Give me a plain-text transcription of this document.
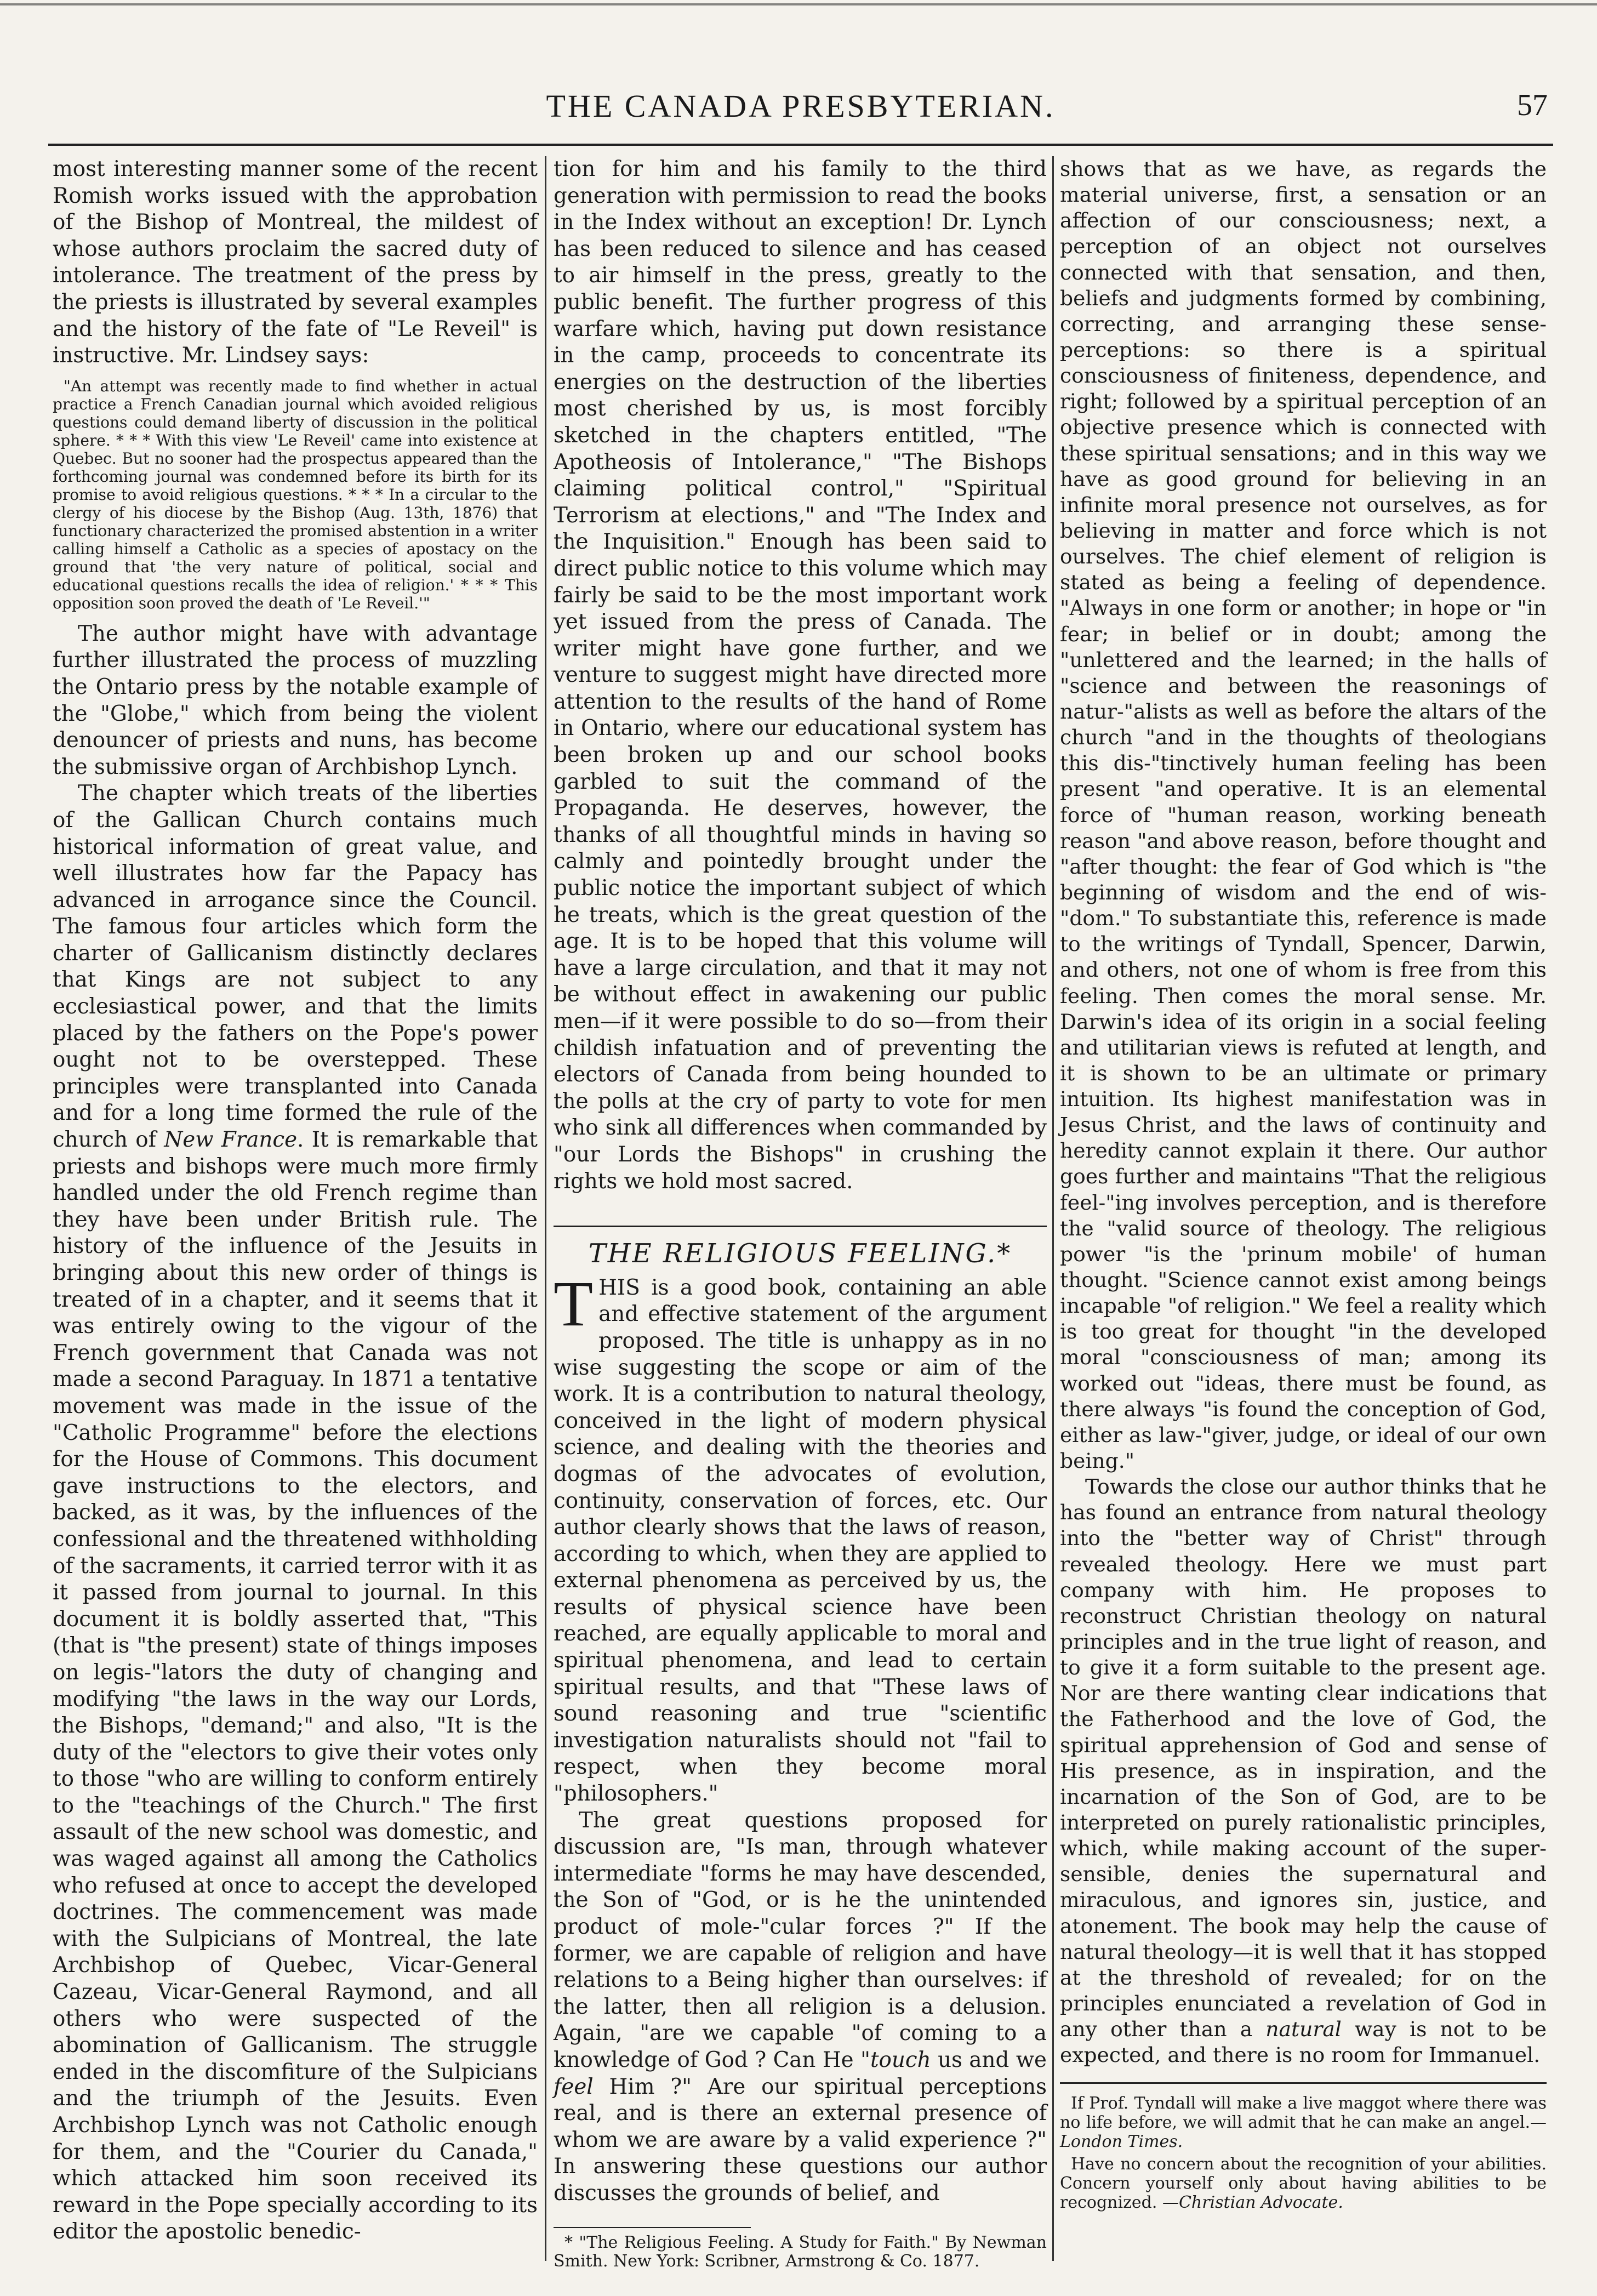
THE CANADA PRESBYTERIAN.	57

most interesting manner some of the recent Romish works issued with the approbation of the Bishop of Montreal, the mildest of whose authors proclaim the sacred duty of intolerance. The treatment of the press by the priests is illustrated by several examples and the history of the fate of "Le Reveil" is instructive. Mr. Lindsey says:

"An attempt was recently made to find whether in actual practice a French Canadian journal which avoided religious questions could demand liberty of discussion in the political sphere. * * * With this view 'Le Reveil' came into existence at Quebec. But no sooner had the prospectus appeared than the forthcoming journal was condemned before its birth for its promise to avoid religious questions. * * * In a circular to the clergy of his diocese by the Bishop (Aug. 13th, 1876) that functionary characterized the promised abstention in a writer calling himself a Catholic as a species of apostacy on the ground that 'the very nature of political, social and educational questions recalls the idea of religion.' * * * This opposition soon proved the death of 'Le Reveil.'"

The author might have with advantage further illustrated the process of muzzling the Ontario press by the notable example of the "Globe," which from being the violent denouncer of priests and nuns, has become the submissive organ of Archbishop Lynch.

The chapter which treats of the liberties of the Gallican Church contains much historical information of great value, and well illustrates how far the Papacy has advanced in arrogance since the Council. The famous four articles which form the charter of Gallicanism distinctly declares that Kings are not subject to any ecclesiastical power, and that the limits placed by the fathers on the Pope's power ought not to be overstepped. These principles were transplanted into Canada and for a long time formed the rule of the church of New France. It is remarkable that priests and bishops were much more firmly handled under the old French regime than they have been under British rule. The history of the influence of the Jesuits in bringing about this new order of things is treated of in a chapter, and it seems that it was entirely owing to the vigour of the French government that Canada was not made a second Paraguay. In 1871 a tentative movement was made in the issue of the "Catholic Programme" before the elections for the House of Commons. This document gave instructions to the electors, and backed, as it was, by the influences of the confessional and the threatened withholding of the sacraments, it carried terror with it as it passed from journal to journal. In this document it is boldly asserted that, "This (that is "the present) state of things imposes on legis-"lators the duty of changing and modifying "the laws in the way our Lords, the Bishops, "demand;" and also, "It is the duty of the "electors to give their votes only to those "who are willing to conform entirely to the "teachings of the Church." The first assault of the new school was domestic, and was waged against all among the Catholics who refused at once to accept the developed doctrines. The commencement was made with the Sulpicians of Montreal, the late Archbishop of Quebec, Vicar-General Cazeau, Vicar-General Raymond, and all others who were suspected of the abomination of Gallicanism. The struggle ended in the discomfiture of the Sulpicians and the triumph of the Jesuits. Even Archbishop Lynch was not Catholic enough for them, and the "Courier du Canada," which attacked him soon received its reward in the Pope specially according to its editor the apostolic benedic-

tion for him and his family to the third generation with permission to read the books in the Index without an exception! Dr. Lynch has been reduced to silence and has ceased to air himself in the press, greatly to the public benefit. The further progress of this warfare which, having put down resistance in the camp, proceeds to concentrate its energies on the destruction of the liberties most cherished by us, is most forcibly sketched in the chapters entitled, "The Apotheosis of Intolerance," "The Bishops claiming political control," "Spiritual Terrorism at elections," and "The Index and the Inquisition." Enough has been said to direct public notice to this volume which may fairly be said to be the most important work yet issued from the press of Canada. The writer might have gone further, and we venture to suggest might have directed more attention to the results of the hand of Rome in Ontario, where our educational system has been broken up and our school books garbled to suit the command of the Propaganda. He deserves, however, the thanks of all thoughtful minds in having so calmly and pointedly brought under the public notice the important subject of which he treats, which is the great question of the age. It is to be hoped that this volume will have a large circulation, and that it may not be without effect in awakening our public men—if it were possible to do so—from their childish infatuation and of preventing the electors of Canada from being hounded to the polls at the cry of party to vote for men who sink all differences when commanded by "our Lords the Bishops" in crushing the rights we hold most sacred.

THE RELIGIOUS FEELING.*

THIS is a good book, containing an able and effective statement of the argument proposed. The title is unhappy as in no wise suggesting the scope or aim of the work. It is a contribution to natural theology, conceived in the light of modern physical science, and dealing with the theories and dogmas of the advocates of evolution, continuity, conservation of forces, etc. Our author clearly shows that the laws of reason, according to which, when they are applied to external phenomena as perceived by us, the results of physical science have been reached, are equally applicable to moral and spiritual phenomena, and lead to certain spiritual results, and that "These laws of sound reasoning and true "scientific investigation naturalists should not "fail to respect, when they become moral "philosophers."

The great questions proposed for discussion are, "Is man, through whatever intermediate "forms he may have descended, the Son of "God, or is he the unintended product of mole-"cular forces ?" If the former, we are capable of religion and have relations to a Being higher than ourselves: if the latter, then all religion is a delusion. Again, "are we capable "of coming to a knowledge of God ? Can He "touch us and we feel Him ?" Are our spiritual perceptions real, and is there an external presence of whom we are aware by a valid experience ?" In answering these questions our author discusses the grounds of belief, and

* "The Religious Feeling. A Study for Faith." By Newman Smith. New York: Scribner, Armstrong & Co. 1877.

shows that as we have, as regards the material universe, first, a sensation or an affection of our consciousness; next, a perception of an object not ourselves connected with that sensation, and then, beliefs and judgments formed by combining, correcting, and arranging these sense-perceptions: so there is a spiritual consciousness of finiteness, dependence, and right; followed by a spiritual perception of an objective presence which is connected with these spiritual sensations; and in this way we have as good ground for believing in an infinite moral presence not ourselves, as for believing in matter and force which is not ourselves. The chief element of religion is stated as being a feeling of dependence. "Always in one form or another; in hope or "in fear; in belief or in doubt; among the "unlettered and the learned; in the halls of "science and between the reasonings of natur-"alists as well as before the altars of the church "and in the thoughts of theologians this dis-"tinctively human feeling has been present "and operative. It is an elemental force of "human reason, working beneath reason "and above reason, before thought and "after thought: the fear of God which is "the beginning of wisdom and the end of wis-"dom." To substantiate this, reference is made to the writings of Tyndall, Spencer, Darwin, and others, not one of whom is free from this feeling. Then comes the moral sense. Mr. Darwin's idea of its origin in a social feeling and utilitarian views is refuted at length, and it is shown to be an ultimate or primary intuition. Its highest manifestation was in Jesus Christ, and the laws of continuity and heredity cannot explain it there. Our author goes further and maintains "That the religious feel-"ing involves perception, and is therefore the "valid source of theology. The religious power "is the 'prinum mobile' of human thought. "Science cannot exist among beings incapable "of religion." We feel a reality which is too great for thought "in the developed moral "consciousness of man; among its worked out "ideas, there must be found, as there always "is found the conception of God, either as law-"giver, judge, or ideal of our own being."

Towards the close our author thinks that he has found an entrance from natural theology into the "better way of Christ" through revealed theology. Here we must part company with him. He proposes to reconstruct Christian theology on natural principles and in the true light of reason, and to give it a form suitable to the present age. Nor are there wanting clear indications that the Fatherhood and the love of God, the spiritual apprehension of God and sense of His presence, as in inspiration, and the incarnation of the Son of God, are to be interpreted on purely rationalistic principles, which, while making account of the super-sensible, denies the supernatural and miraculous, and ignores sin, justice, and atonement. The book may help the cause of natural theology—it is well that it has stopped at the threshold of revealed; for on the principles enunciated a revelation of God in any other than a natural way is not to be expected, and there is no room for Immanuel.

If Prof. Tyndall will make a live maggot where there was no life before, we will admit that he can make an angel.— London Times.

Have no concern about the recognition of your abilities. Concern yourself only about having abilities to be recognized. —Christian Advocate.
